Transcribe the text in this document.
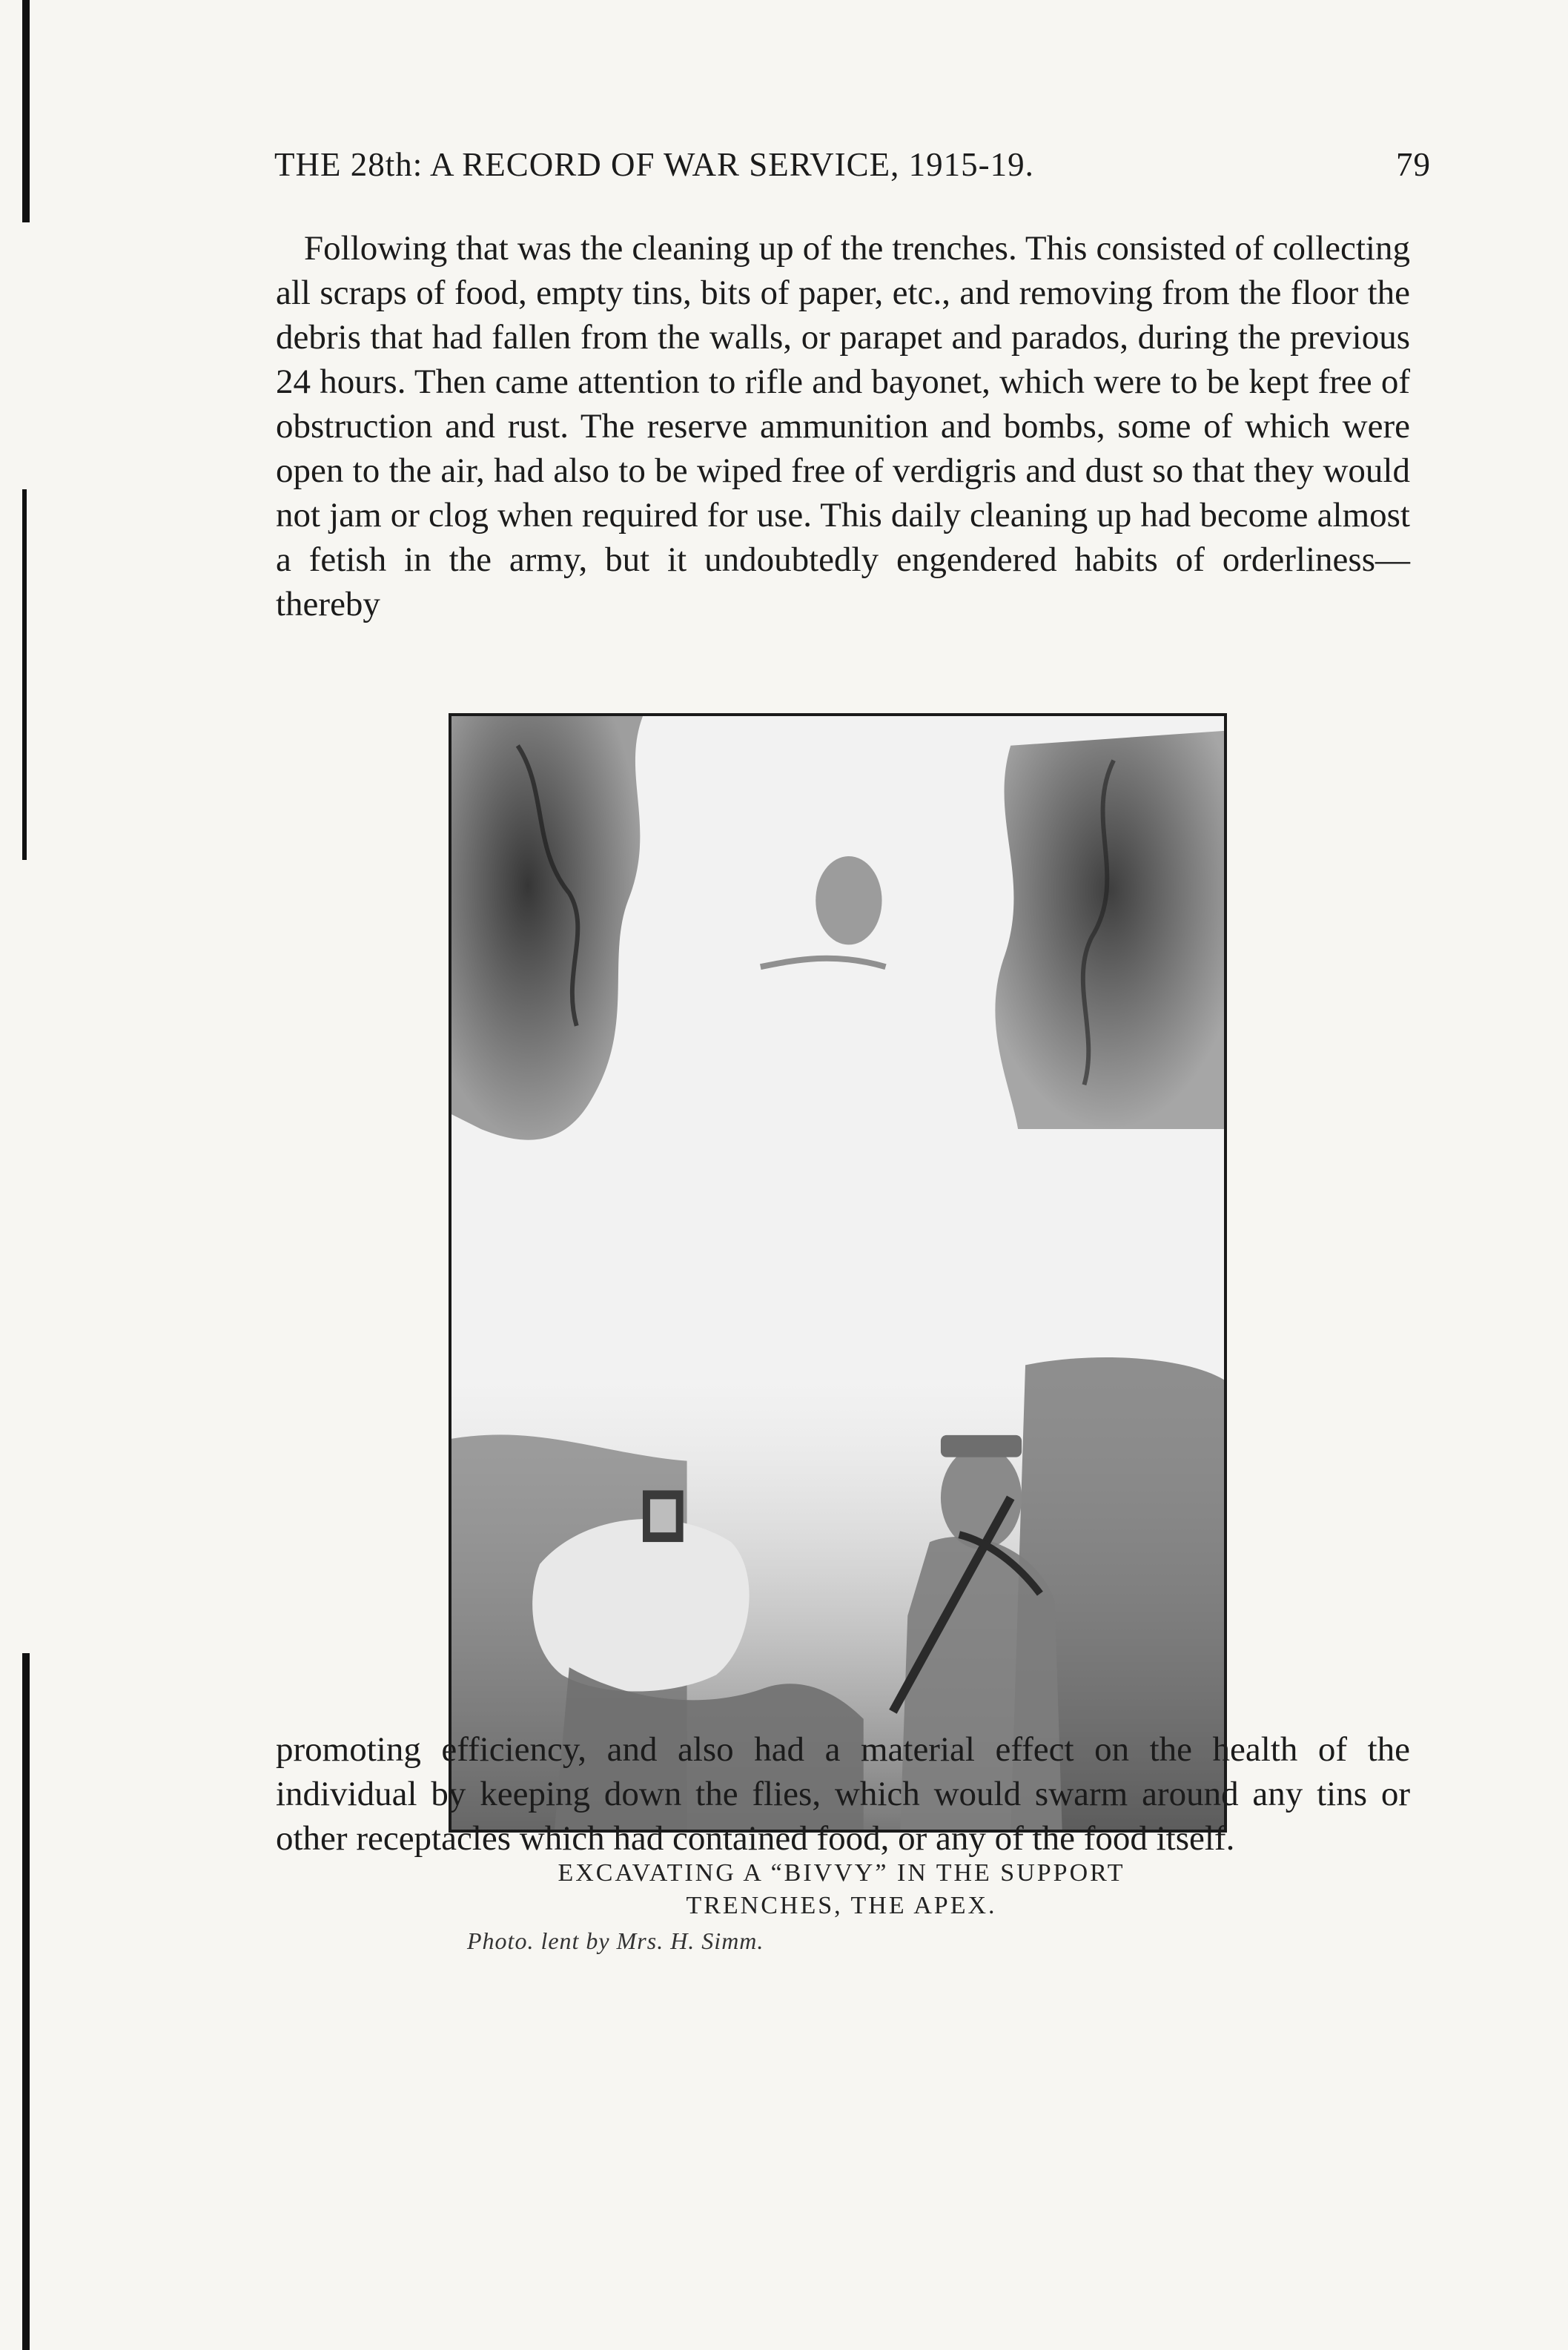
THE 28th: A RECORD OF WAR SERVICE, 1915-19.	79

Following that was the cleaning up of the trenches. This consisted of collecting all scraps of food, empty tins, bits of paper, etc., and removing from the floor the debris that had fallen from the walls, or parapet and parados, during the previous 24 hours. Then came attention to rifle and bayonet, which were to be kept free of obstruction and rust. The reserve ammunition and bombs, some of which were open to the air, had also to be wiped free of verdigris and dust so that they would not jam or clog when required for use. This daily cleaning up had become almost a fetish in the army, but it undoubtedly engendered habits of orderliness—thereby

EXCAVATING A “BIVVY” IN THE SUPPORT
TRENCHES, THE APEX.
Photo. lent by Mrs. H. Simm.

promoting efficiency, and also had a material effect on the health of the individual by keeping down the flies, which would swarm around any tins or other receptacles which had contained food, or any of the food itself.
